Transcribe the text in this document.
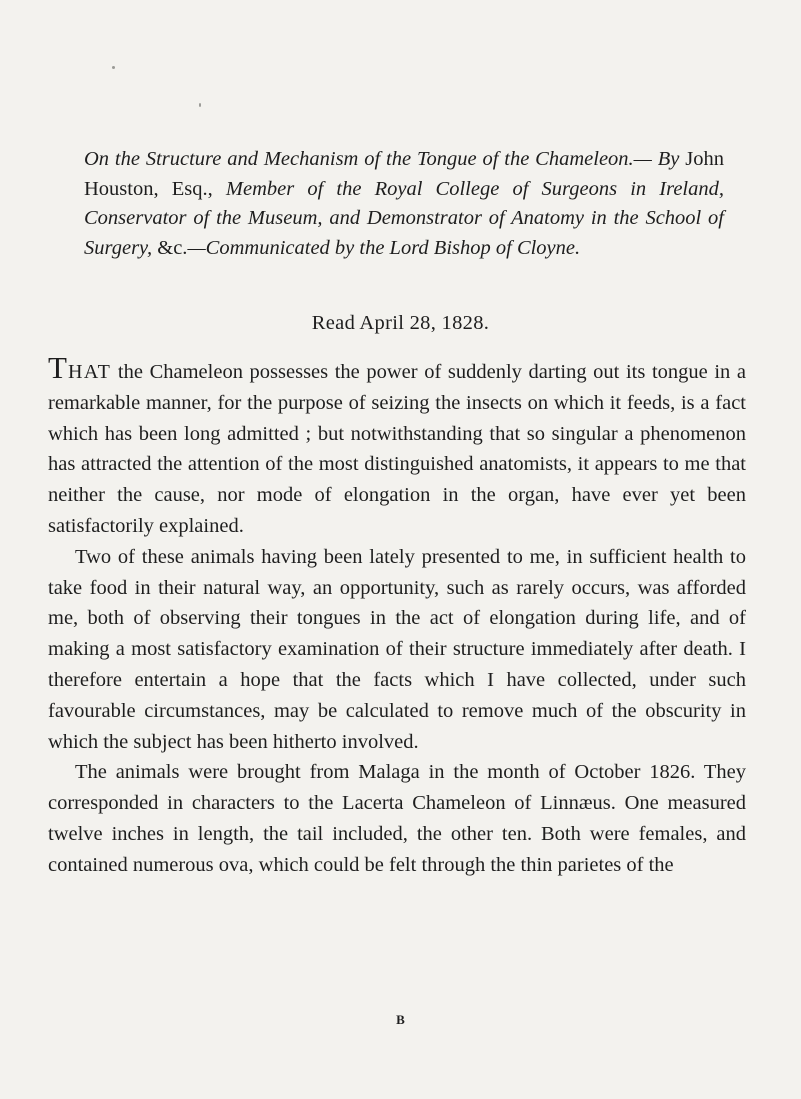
On the Structure and Mechanism of the Tongue of the Chameleon.— By John Houston, Esq., Member of the Royal College of Surgeons in Ireland, Conservator of the Museum, and Demonstrator of Anatomy in the School of Surgery, &c.—Communicated by the Lord Bishop of Cloyne.
Read April 28, 1828.

THAT the Chameleon possesses the power of suddenly darting out its tongue in a remarkable manner, for the purpose of seizing the insects on which it feeds, is a fact which has been long admitted ; but notwithstanding that so singular a phenomenon has attracted the attention of the most distinguished anatomists, it appears to me that neither the cause, nor mode of elongation in the organ, have ever yet been satisfactorily explained.

Two of these animals having been lately presented to me, in sufficient health to take food in their natural way, an opportunity, such as rarely occurs, was afforded me, both of observing their tongues in the act of elongation during life, and of making a most satisfactory examination of their structure immediately after death. I therefore entertain a hope that the facts which I have collected, under such favourable circumstances, may be calculated to remove much of the obscurity in which the subject has been hitherto involved.

The animals were brought from Malaga in the month of October 1826. They corresponded in characters to the Lacerta Chameleon of Linnæus. One measured twelve inches in length, the tail included, the other ten. Both were females, and contained numerous ova, which could be felt through the thin parietes of the

B
